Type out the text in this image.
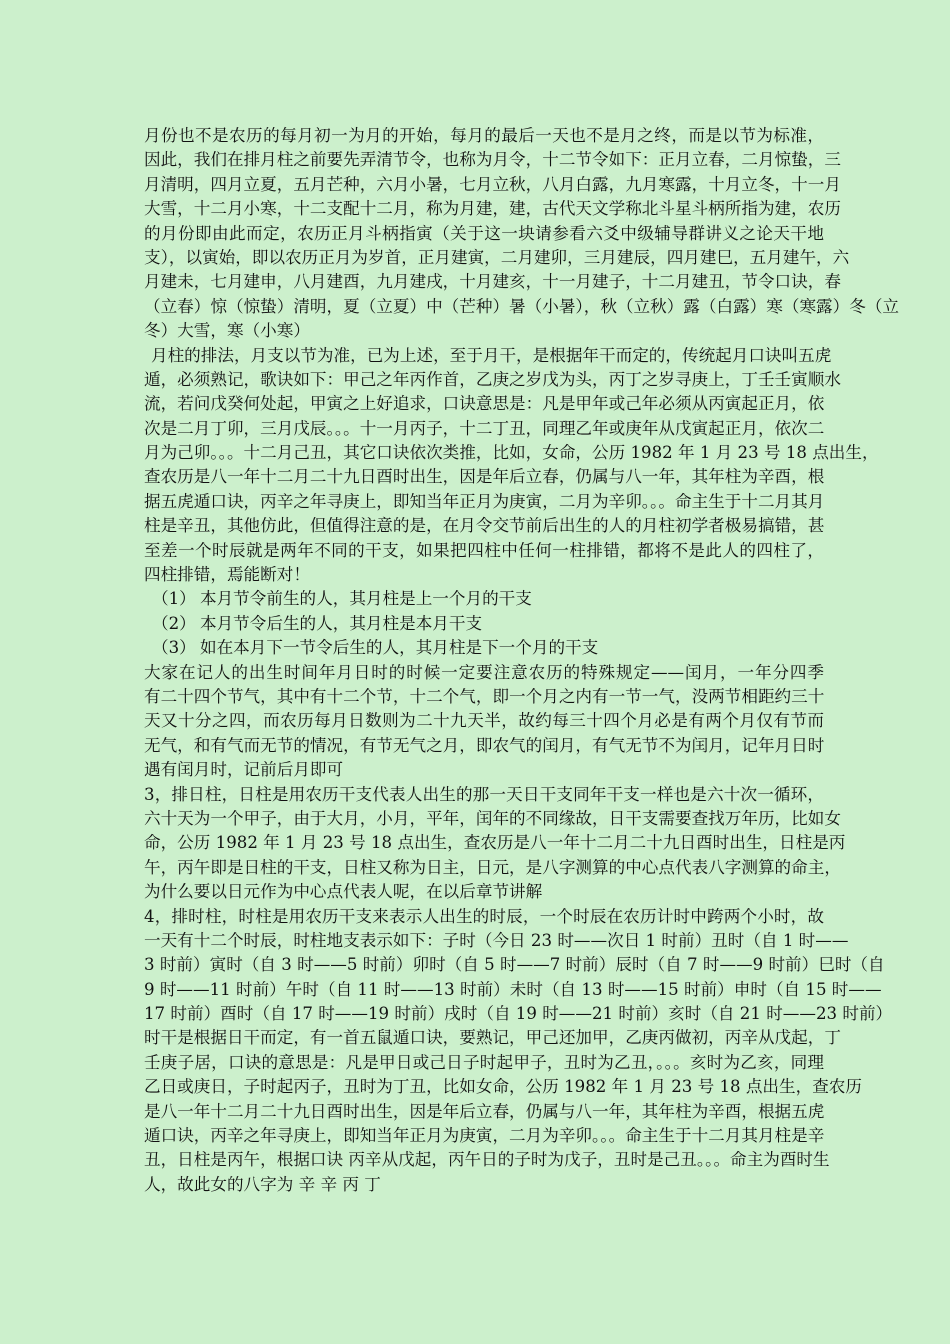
月份也不是农历的每月初一为月的开始，每月的最后一天也不是月之终，而是以节为标准，
因此，我们在排月柱之前要先弄清节令，也称为月令，十二节令如下：正月立春，二月惊蛰，三
月清明，四月立夏，五月芒种，六月小暑，七月立秋，八月白露，九月寒露，十月立冬，十一月
大雪，十二月小寒，十二支配十二月，称为月建，建，古代天文学称北斗星斗柄所指为建，农历
的月份即由此而定，农历正月斗柄指寅（关于这一块请参看六爻中级辅导群讲义之论天干地
支），以寅始，即以农历正月为岁首，正月建寅，二月建卯，三月建辰，四月建巳，五月建午，六
月建未，七月建申，八月建酉，九月建戌，十月建亥，十一月建子，十二月建丑，节令口诀，春
（立春）惊（惊蛰）清明，夏（立夏）中（芒种）暑（小暑），秋（立秋）露（白露）寒（寒露）冬（立
冬）大雪，寒（小寒）
月柱的排法，月支以节为准，已为上述，至于月干，是根据年干而定的，传统起月口诀叫五虎
遁，必须熟记，歌诀如下：甲己之年丙作首，乙庚之岁戊为头，丙丁之岁寻庚上，丁壬壬寅顺水
流，若问戊癸何处起，甲寅之上好追求，口诀意思是：凡是甲年或己年必须从丙寅起正月，依
次是二月丁卯，三月戊辰。。。十一月丙子，十二丁丑，同理乙年或庚年从戊寅起正月，依次二
月为己卯。。。十二月己丑，其它口诀依次类推，比如，女命，公历 1982 年 1 月 23 号 18 点出生，
查农历是八一年十二月二十九日酉时出生，因是年后立春，仍属与八一年，其年柱为辛酉，根
据五虎遁口诀，丙辛之年寻庚上，即知当年正月为庚寅，二月为辛卯。。。命主生于十二月其月
柱是辛丑，其他仿此，但值得注意的是，在月令交节前后出生的人的月柱初学者极易搞错，甚
至差一个时辰就是两年不同的干支，如果把四柱中任何一柱排错，都将不是此人的四柱了，
四柱排错，焉能断对！
（1） 本月节令前生的人，其月柱是上一个月的干支
（2） 本月节令后生的人，其月柱是本月干支
（3） 如在本月下一节令后生的人，其月柱是下一个月的干支
大家在记人的出生时间年月日时的时候一定要注意农历的特殊规定——闰月，一年分四季
有二十四个节气，其中有十二个节，十二个气，即一个月之内有一节一气，没两节相距约三十
天又十分之四，而农历每月日数则为二十九天半，故约每三十四个月必是有两个月仅有节而
无气，和有气而无节的情况，有节无气之月，即农气的闰月，有气无节不为闰月，记年月日时
遇有闰月时，记前后月即可
3，排日柱，日柱是用农历干支代表人出生的那一天日干支同年干支一样也是六十次一循环，
六十天为一个甲子，由于大月，小月，平年，闰年的不同缘故，日干支需要查找万年历，比如女
命，公历 1982 年 1 月 23 号 18 点出生，查农历是八一年十二月二十九日酉时出生，日柱是丙
午，丙午即是日柱的干支，日柱又称为日主，日元，是八字测算的中心点代表八字测算的命主，
为什么要以日元作为中心点代表人呢，在以后章节讲解
4，排时柱，时柱是用农历干支来表示人出生的时辰，一个时辰在农历计时中跨两个小时，故
一天有十二个时辰，时柱地支表示如下：子时（今日 23 时——次日 1 时前）丑时（自 1 时——
3 时前）寅时（自 3 时——5 时前）卯时（自 5 时——7 时前）辰时（自 7 时——9 时前）巳时（自
9 时——11 时前）午时（自 11 时——13 时前）未时（自 13 时——15 时前）申时（自 15 时——
17 时前）酉时（自 17 时——19 时前）戌时（自 19 时——21 时前）亥时（自 21 时——23 时前）
时干是根据日干而定，有一首五鼠遁口诀，要熟记，甲己还加甲，乙庚丙做初，丙辛从戊起，丁
壬庚子居，口诀的意思是：凡是甲日或己日子时起甲子，丑时为乙丑，。。。亥时为乙亥，同理
乙日或庚日，子时起丙子，丑时为丁丑，比如女命，公历 1982 年 1 月 23 号 18 点出生，查农历
是八一年十二月二十九日酉时出生，因是年后立春，仍属与八一年，其年柱为辛酉，根据五虎
遁口诀，丙辛之年寻庚上，即知当年正月为庚寅，二月为辛卯。。。命主生于十二月其月柱是辛
丑，日柱是丙午，根据口诀 丙辛从戊起，丙午日的子时为戊子，丑时是己丑。。。命主为酉时生
人，故此女的八字为 辛 辛 丙 丁
